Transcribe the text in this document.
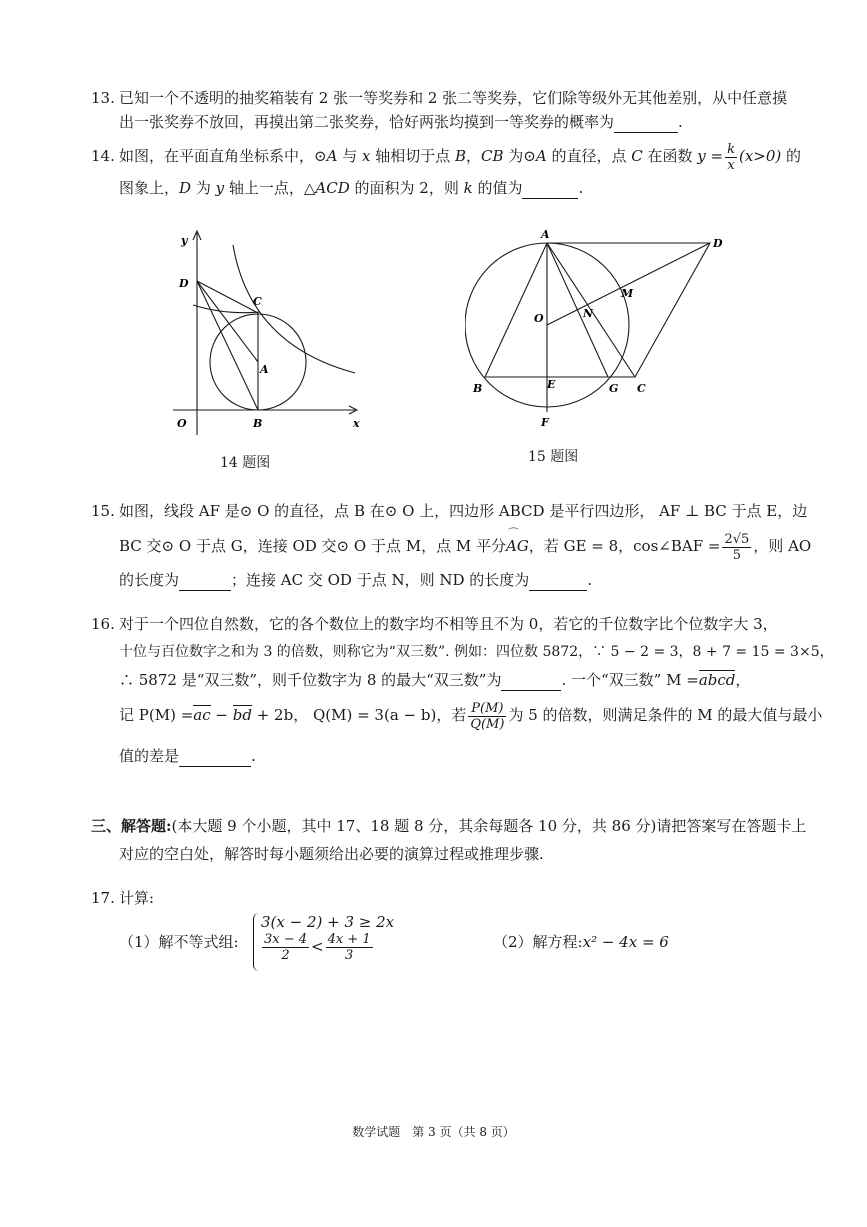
13. 已知一个不透明的抽奖箱装有 2 张一等奖券和 2 张二等奖券，它们除等级外无其他差别，从中任意摸
出一张奖券不放回，再摸出第二张奖券，恰好两张均摸到一等奖券的概率为	.
14. 如图，在平面直角坐标系中，⊙A 与 x 轴相切于点 B，CB 为⊙A 的直径，点 C 在函数 $y = \frac{k}{x} (x>0)$ 的
图象上，D 为 y 轴上一点，△ACD 的面积为 2，则 k 的值为	.
y
D
C
A
O	B	x
14 题图
A
D
M
O	N
B	E	G C
F
15 题图
15. 如图，线段 AF 是⊙ O 的直径，点 B 在⊙ O 上，四边形 ABCD 是平行四边形， AF ⊥ BC 于点 E，边
BC 交⊙ O 于点 G，连接 OD 交⊙ O 于点 M，点 M 平分
⌒
AG，若 GE = 8，cos∠BAF = $\frac{2√5}{5}$ ，则 AO
的长度为	；连接 AC 交 OD 于点 N，则 ND 的长度为	.
16. 对于一个四位自然数，它的各个数位上的数字均不相等且不为 0，若它的千位数字比个位数字大 3，
十位与百位数字之和为 3 的倍数，则称它为“双三数”. 例如：四位数 5872，∵ 5 − 2 = 3，8 + 7 = 15 = 3×5，
∴ 5872 是“双三数”，则千位数字为 8 的最大“双三数”为	. 一个“双三数” M =abcd，
记 P(M) =ac − bd + 2b， Q(M) = 3(a − b)，若 $\frac{P(M)}{Q(M)}$ 为 5 的倍数，则满足条件的 M 的最大值与最小
值的差是	.
三、解答题:(本大题 9 个小题，其中 17、18 题 8 分，其余每题各 10 分，共 86 分)请把答案写在答题卡上
对应的空白处，解答时每小题须给出必要的演算过程或推理步骤.
17. 计算:
（1）解不等式组:
3(x − 2) + 3 ≥ 2x
$\frac{3x - 4}{2} < \frac{4x + 1}{3}$	（2）解方程:x² − 4x = 6
数学试题　第 3 页（共 8 页）
